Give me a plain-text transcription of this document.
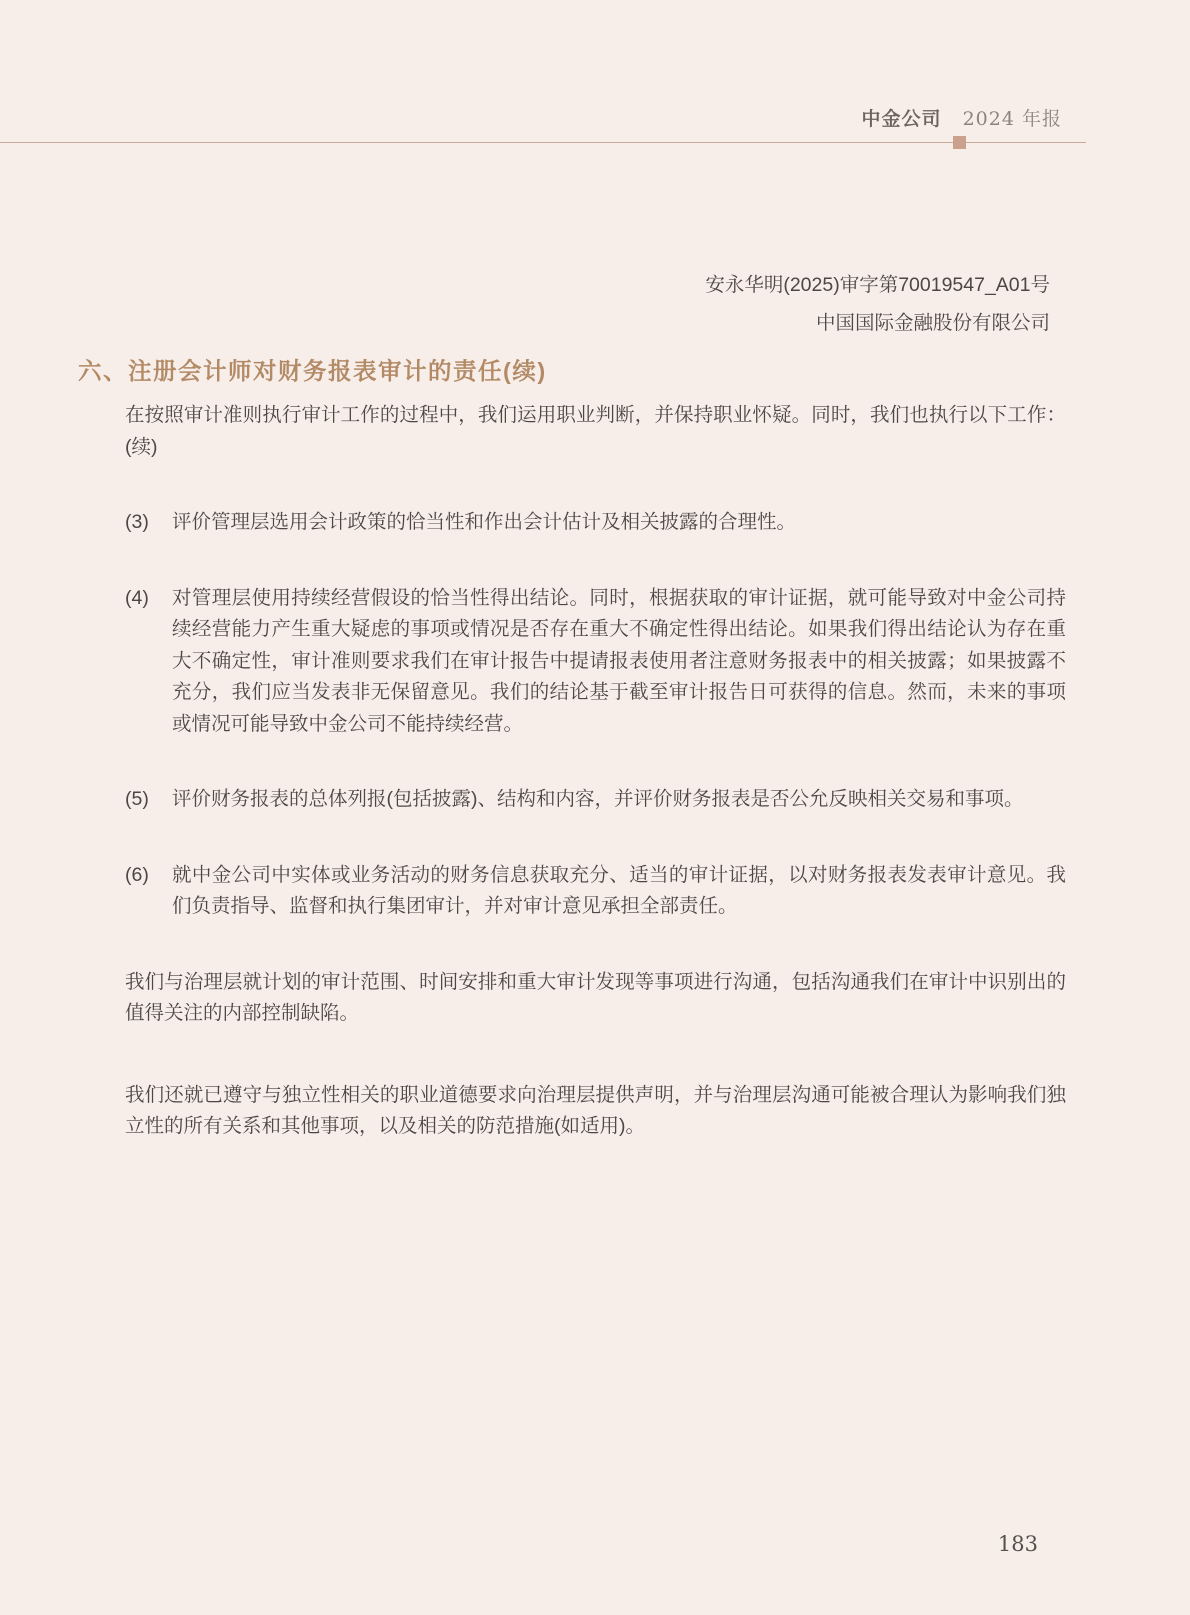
中金公司 2024 年报
安永华明(2025)审字第70019547_A01号
中国国际金融股份有限公司
六、注册会计师对财务报表审计的责任(续)

在按照审计准则执行审计工作的过程中，我们运用职业判断，并保持职业怀疑。同时，我们也执行以下工作：(续)

(3)	评价管理层选用会计政策的恰当性和作出会计估计及相关披露的合理性。
(4)	对管理层使用持续经营假设的恰当性得出结论。同时，根据获取的审计证据，就可能导致对中金公司持续经营能力产生重大疑虑的事项或情况是否存在重大不确定性得出结论。如果我们得出结论认为存在重大不确定性，审计准则要求我们在审计报告中提请报表使用者注意财务报表中的相关披露；如果披露不充分，我们应当发表非无保留意见。我们的结论基于截至审计报告日可获得的信息。然而，未来的事项或情况可能导致中金公司不能持续经营。
(5)	评价财务报表的总体列报(包括披露)、结构和内容，并评价财务报表是否公允反映相关交易和事项。
(6)	就中金公司中实体或业务活动的财务信息获取充分、适当的审计证据，以对财务报表发表审计意见。我们负责指导、监督和执行集团审计，并对审计意见承担全部责任。

我们与治理层就计划的审计范围、时间安排和重大审计发现等事项进行沟通，包括沟通我们在审计中识别出的值得关注的内部控制缺陷。

我们还就已遵守与独立性相关的职业道德要求向治理层提供声明，并与治理层沟通可能被合理认为影响我们独立性的所有关系和其他事项，以及相关的防范措施(如适用)。

183
